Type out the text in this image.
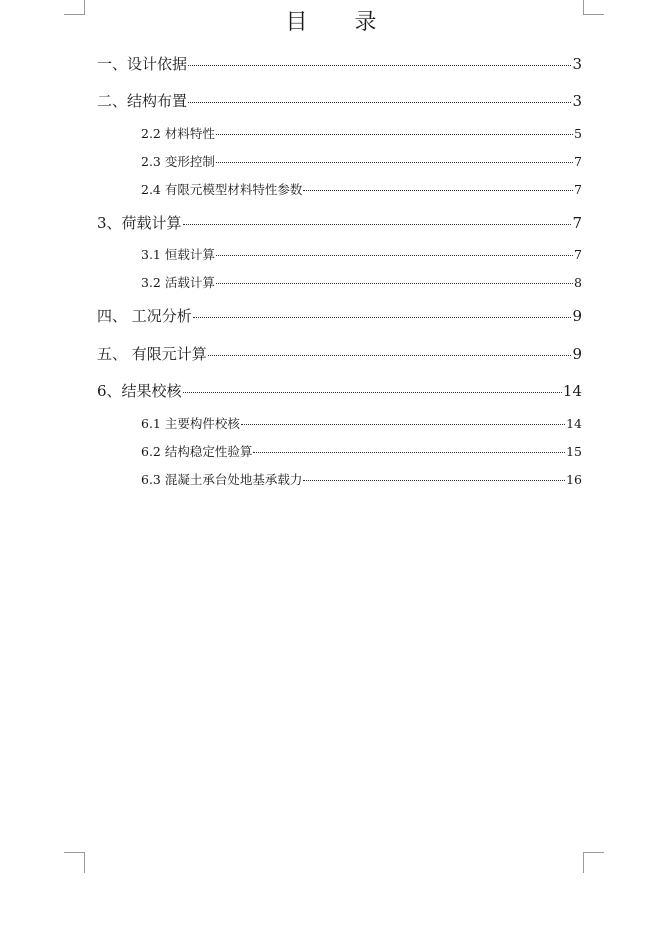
目 录
一、设计依据	3
二、结构布置	3
2.2 材料特性	5
2.3 变形控制	7
2.4 有限元模型材料特性参数	7
3、荷载计算	7
3.1 恒载计算	7
3.2 活载计算	8
四、 工况分析	9
五、 有限元计算	9
6、结果校核	14
6.1 主要构件校核	14
6.2 结构稳定性验算	15
6.3 混凝土承台处地基承载力	16
